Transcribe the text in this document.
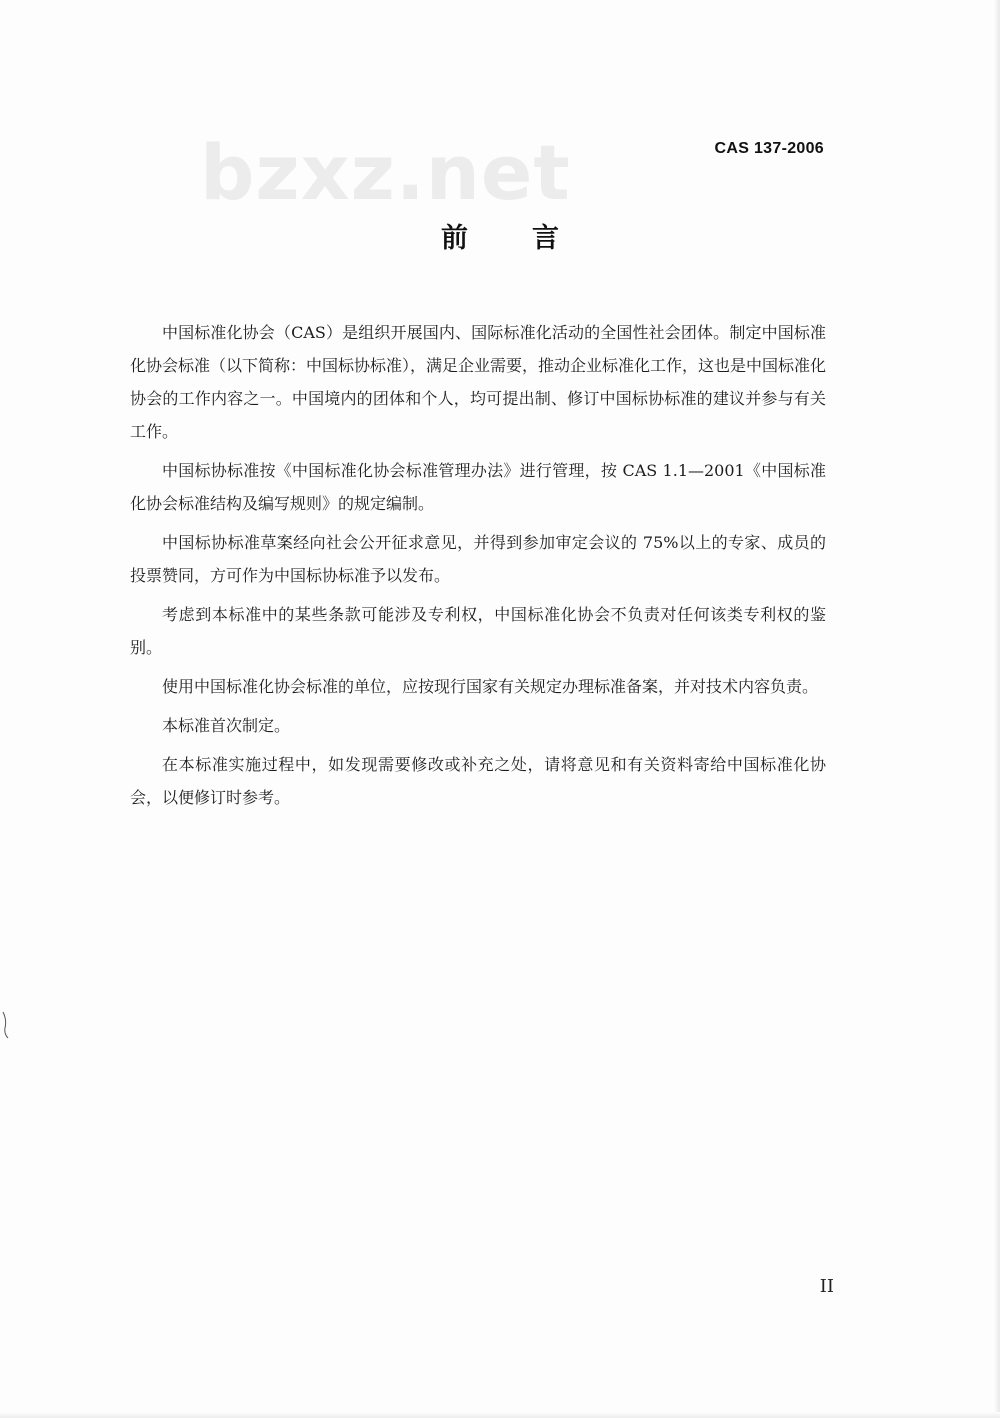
bzxz.net	CAS 137-2006
前言

中国标准化协会（CAS）是组织开展国内、国际标准化活动的全国性社会团体。制定中国标准化协会标准（以下简称：中国标协标准），满足企业需要，推动企业标准化工作，这也是中国标准化协会的工作内容之一。中国境内的团体和个人，均可提出制、修订中国标协标准的建议并参与有关工作。

中国标协标准按《中国标准化协会标准管理办法》进行管理，按 CAS 1.1—2001《中国标准化协会标准结构及编写规则》的规定编制。

中国标协标准草案经向社会公开征求意见，并得到参加审定会议的 75%以上的专家、成员的投票赞同，方可作为中国标协标准予以发布。

考虑到本标准中的某些条款可能涉及专利权，中国标准化协会不负责对任何该类专利权的鉴别。

使用中国标准化协会标准的单位，应按现行国家有关规定办理标准备案，并对技术内容负责。

本标准首次制定。

在本标准实施过程中，如发现需要修改或补充之处，请将意见和有关资料寄给中国标准化协会，以便修订时参考。

II
